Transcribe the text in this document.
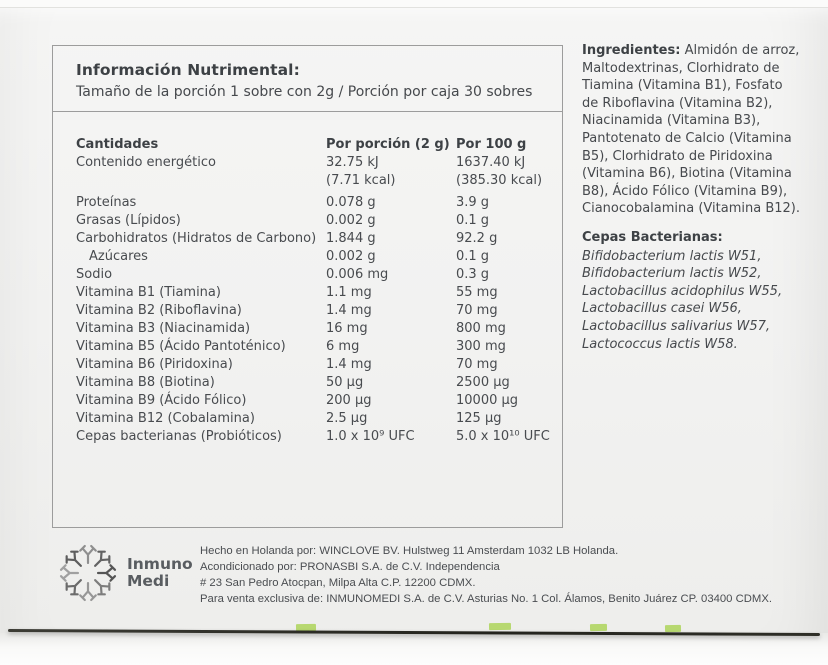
Información Nutrimental:
Tamaño de la porción 1 sobre con 2g / Porción por caja 30 sobres
Cantidades	Por porción (2 g) Por 100 g
Contenido energético	32.75 kJ	1637.40 kJ
(7.71 kcal)	(385.30 kcal)
Proteínas	0.078 g	3.9 g
Grasas (Lípidos)	0.002 g	0.1 g
Carbohidratos (Hidratos de Carbono) 1.844 g	92.2 g
Azúcares	0.002 g	0.1 g
Sodio	0.006 mg	0.3 g
Vitamina B1 (Tiamina)	1.1 mg	55 mg
Vitamina B2 (Riboflavina)	1.4 mg	70 mg
Vitamina B3 (Niacinamida)	16 mg	800 mg
Vitamina B5 (Ácido Pantoténico)	6 mg	300 mg
Vitamina B6 (Piridoxina)	1.4 mg	70 mg
Vitamina B8 (Biotina)	50 µg	2500 µg
Vitamina B9 (Ácido Fólico)	200 µg	10000 µg
Vitamina B12 (Cobalamina)	2.5 µg	125 µg
Cepas bacterianas (Probióticos)	1.0 x 10⁹ UFC	5.0 x 10¹⁰ UFC
Ingredientes: Almidón de arroz, Maltodextrinas, Clorhidrato de Tiamina (Vitamina B1), Fosfato de Riboflavina (Vitamina B2), Niacinamida (Vitamina B3), Pantotenato de Calcio (Vitamina B5), Clorhidrato de Piridoxina (Vitamina B6), Biotina (Vitamina B8), Ácido Fólico (Vitamina B9), Cianocobalamina (Vitamina B12).
Cepas Bacterianas:
Bifidobacterium lactis W51,
Bifidobacterium lactis W52,
Lactobacillus acidophilus W55,
Lactobacillus casei W56,
Lactobacillus salivarius W57,
Lactococcus lactis W58.
Inmuno
Medi
Hecho en Holanda por: WINCLOVE BV. Hulstweg 11 Amsterdam 1032 LB Holanda.
Acondicionado por: PRONASBI S.A. de C.V. Independencia
# 23 San Pedro Atocpan, Milpa Alta C.P. 12200 CDMX.
Para venta exclusiva de: INMUNOMEDI S.A. de C.V. Asturias No. 1 Col. Álamos, Benito Juárez CP. 03400 CDMX.
